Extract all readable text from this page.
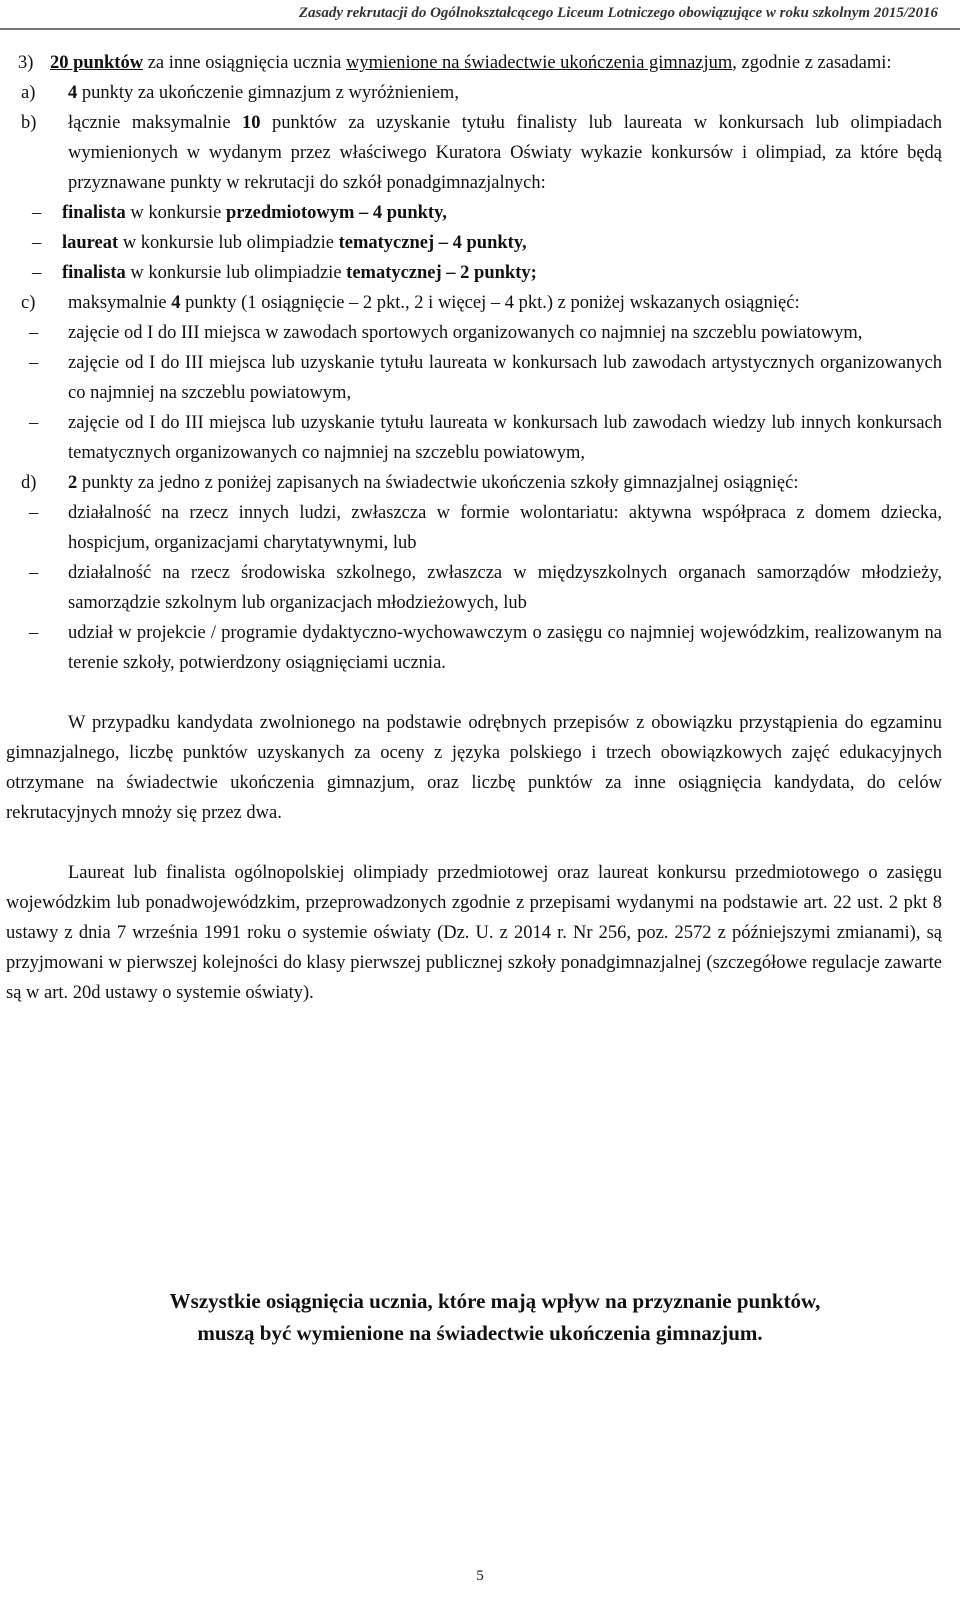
Zasady rekrutacji do Ogólnokształcącego Liceum Lotniczego obowiązujące w roku szkolnym 2015/2016
3) 20 punktów za inne osiągnięcia ucznia wymienione na świadectwie ukończenia gimnazjum, zgodnie z zasadami:
a) 4 punkty za ukończenie gimnazjum z wyróżnieniem,
b) łącznie maksymalnie 10 punktów za uzyskanie tytułu finalisty lub laureata w konkursach lub olimpiadach wymienionych w wydanym przez właściwego Kuratora Oświaty wykazie konkursów i olimpiad, za które będą przyznawane punkty w rekrutacji do szkół ponadgimnazjalnych:
– finalista w konkursie przedmiotowym – 4 punkty,
– laureat w konkursie lub olimpiadzie tematycznej – 4 punkty,
– finalista w konkursie lub olimpiadzie tematycznej – 2 punkty;
c) maksymalnie 4 punkty (1 osiągnięcie – 2 pkt., 2 i więcej – 4 pkt.) z poniżej wskazanych osiągnięć:
– zajęcie od I do III miejsca w zawodach sportowych organizowanych co najmniej na szczeblu powiatowym,
– zajęcie od I do III miejsca lub uzyskanie tytułu laureata w konkursach lub zawodach artystycznych organizowanych co najmniej na szczeblu powiatowym,
– zajęcie od I do III miejsca lub uzyskanie tytułu laureata w konkursach lub zawodach wiedzy lub innych konkursach tematycznych organizowanych co najmniej na szczeblu powiatowym,
d) 2 punkty za jedno z poniżej zapisanych na świadectwie ukończenia szkoły gimnazjalnej osiągnięć:
– działalność na rzecz innych ludzi, zwłaszcza w formie wolontariatu: aktywna współpraca z domem dziecka, hospicjum, organizacjami charytatywnymi, lub
– działalność na rzecz środowiska szkolnego, zwłaszcza w międzyszkolnych organach samorządów młodzieży, samorządzie szkolnym lub organizacjach młodzieżowych, lub
– udział w projekcie / programie dydaktyczno-wychowawczym o zasięgu co najmniej wojewódzkim, realizowanym na terenie szkoły, potwierdzony osiągnięciami ucznia.
W przypadku kandydata zwolnionego na podstawie odrębnych przepisów z obowiązku przystąpienia do egzaminu gimnazjalnego, liczbę punktów uzyskanych za oceny z języka polskiego i trzech obowiązkowych zajęć edukacyjnych otrzymane na świadectwie ukończenia gimnazjum, oraz liczbę punktów za inne osiągnięcia kandydata, do celów rekrutacyjnych mnoży się przez dwa.
Laureat lub finalista ogólnopolskiej olimpiady przedmiotowej oraz laureat konkursu przedmiotowego o zasięgu wojewódzkim lub ponadwojewódzkim, przeprowadzonych zgodnie z przepisami wydanymi na podstawie art. 22 ust. 2 pkt 8 ustawy z dnia 7 września 1991 roku o systemie oświaty (Dz. U. z 2014 r. Nr 256, poz. 2572 z późniejszymi zmianami), są przyjmowani w pierwszej kolejności do klasy pierwszej publicznej szkoły ponadgimnazjalnej (szczegółowe regulacje zawarte są w art. 20d ustawy o systemie oświaty).
Wszystkie osiągnięcia ucznia, które mają wpływ na przyznanie punktów,
muszą być wymienione na świadectwie ukończenia gimnazjum.
5
